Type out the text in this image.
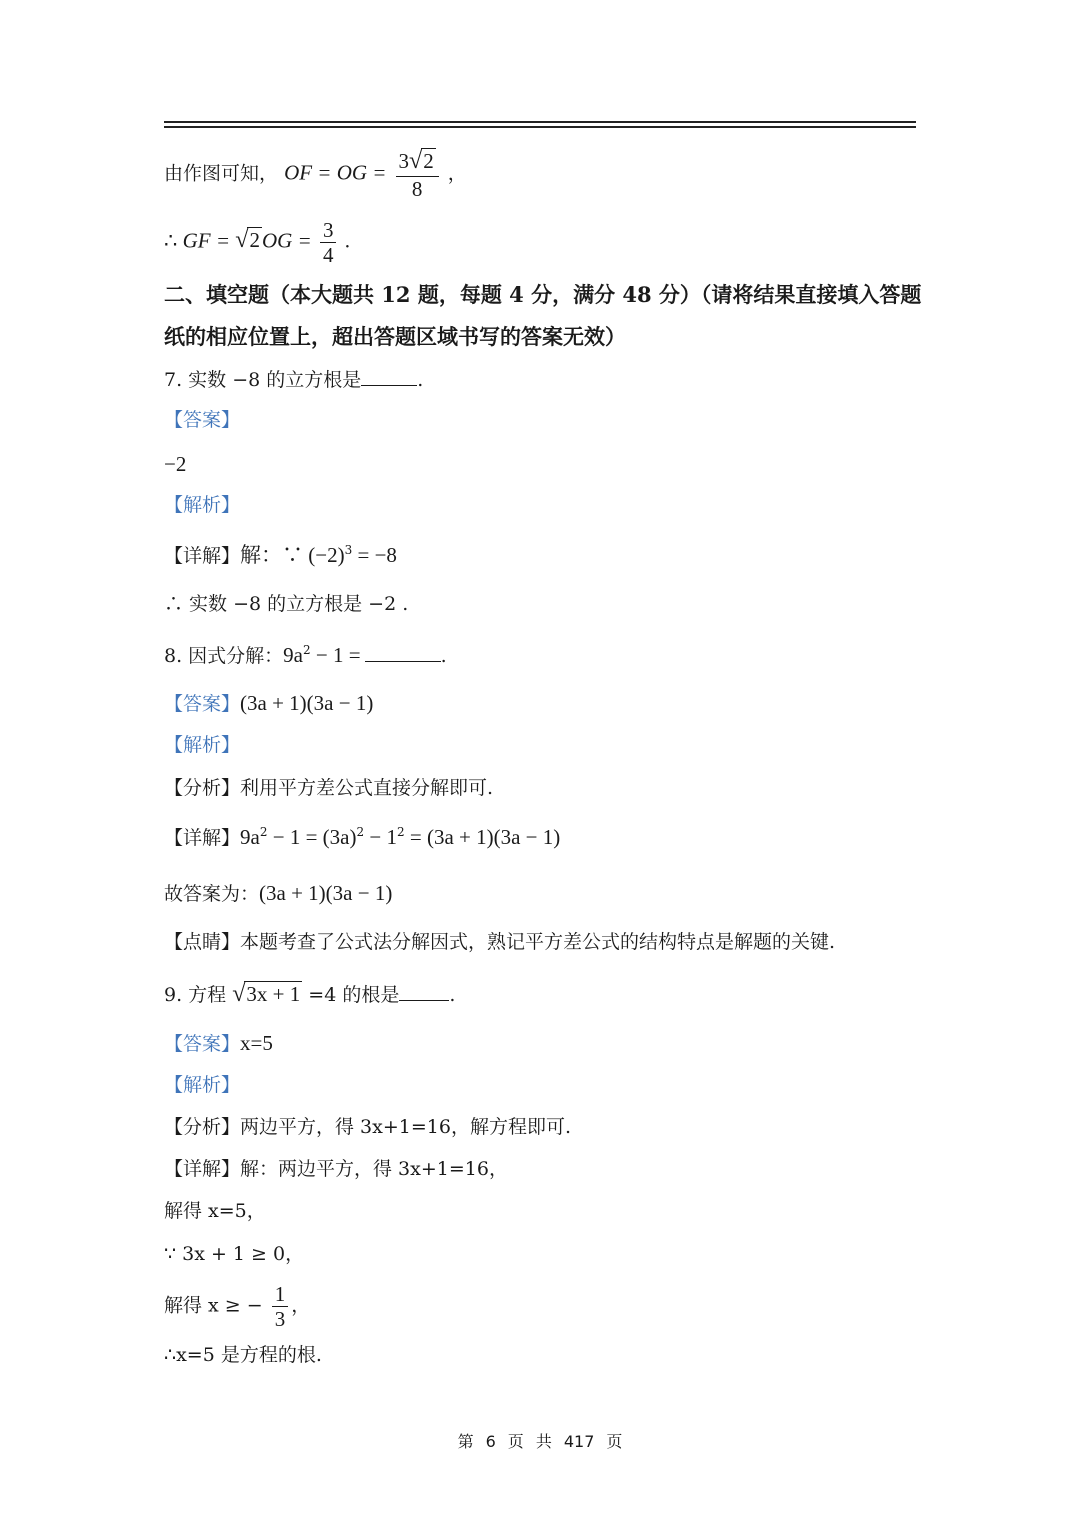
由作图可知， OF = OG = $\frac{3√2}{8}$ ，
∴ GF = $√2OG = \frac{3}{4}$ .
二、填空题（本大题共 12 题，每题 4 分，满分 48 分）（请将结果直接填入答题
纸的相应位置上，超出答题区域书写的答案无效）
7. 实数 −8 的立方根是	.
【答案】
−2
【解析】
【详解】解：∵ $(-2)^3 = -8$
∴ 实数 −8 的立方根是 −2 .
8. 因式分解：$9a^2 - 1$ =	.
【答案】(3a + 1)(3a − 1)
【解析】
【分析】利用平方差公式直接分解即可.
【详解】$9a^2 - 1 = (3a)^2 - 1^2 = (3a + 1)(3a - 1)$
故答案为：(3a + 1)(3a − 1)
【点睛】本题考查了公式法分解因式，熟记平方差公式的结构特点是解题的关键.
9. 方程 √3x + 1 =4 的根是	.
【答案】x=5
【解析】
【分析】两边平方，得 3x+1=16，解方程即可.
【详解】解：两边平方，得 3x+1=16，
解得 x=5，
∵ 3x + 1 ≥ 0，
解得 x ≥ − $\frac{1}{3}$ ，
∴x=5 是方程的根.
第 6 页 共 417 页
